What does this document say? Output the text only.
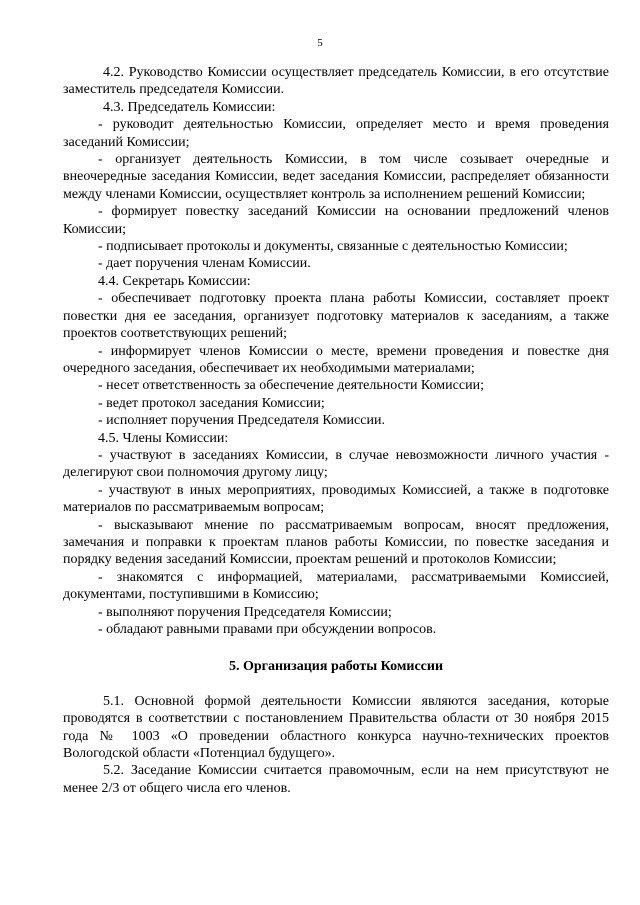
5

4.2. Руководство Комиссии осуществляет председатель Комиссии, в его отсутствие заместитель председателя Комиссии.

4.3. Председатель Комиссии:

- руководит деятельностью Комиссии, определяет место и время проведения заседаний Комиссии;

- организует деятельность Комиссии, в том числе созывает очередные и внеочередные заседания Комиссии, ведет заседания Комиссии, распределяет обязанности между членами Комиссии, осуществляет контроль за исполнением решений Комиссии;

- формирует повестку заседаний Комиссии на основании предложений членов Комиссии;

- подписывает протоколы и документы, связанные с деятельностью Комиссии;

- дает поручения членам Комиссии.

4.4. Секретарь Комиссии:

- обеспечивает подготовку проекта плана работы Комиссии, составляет проект повестки дня ее заседания, организует подготовку материалов к заседаниям, а также проектов соответствующих решений;

- информирует членов Комиссии о месте, времени проведения и повестке дня очередного заседания, обеспечивает их необходимыми материалами;

- несет ответственность за обеспечение деятельности Комиссии;

- ведет протокол заседания Комиссии;

- исполняет поручения Председателя Комиссии.

4.5. Члены Комиссии:

- участвуют в заседаниях Комиссии, в случае невозможности личного участия - делегируют свои полномочия другому лицу;

- участвуют в иных мероприятиях, проводимых Комиссией, а также в подготовке материалов по рассматриваемым вопросам;

- высказывают мнение по рассматриваемым вопросам, вносят предложения, замечания и поправки к проектам планов работы Комиссии, по повестке заседания и порядку ведения заседаний Комиссии, проектам решений и протоколов Комиссии;

- знакомятся с информацией, материалами, рассматриваемыми Комиссией, документами, поступившими в Комиссию;

- выполняют поручения Председателя Комиссии;

- обладают равными правами при обсуждении вопросов.

5. Организация работы Комиссии

5.1. Основной формой деятельности Комиссии являются заседания, которые проводятся в соответствии с постановлением Правительства области от 30 ноября 2015 года № 1003 «О проведении областного конкурса научно-технических проектов Вологодской области «Потенциал будущего».

5.2. Заседание Комиссии считается правомочным, если на нем присутствуют не менее 2/3 от общего числа его членов.
